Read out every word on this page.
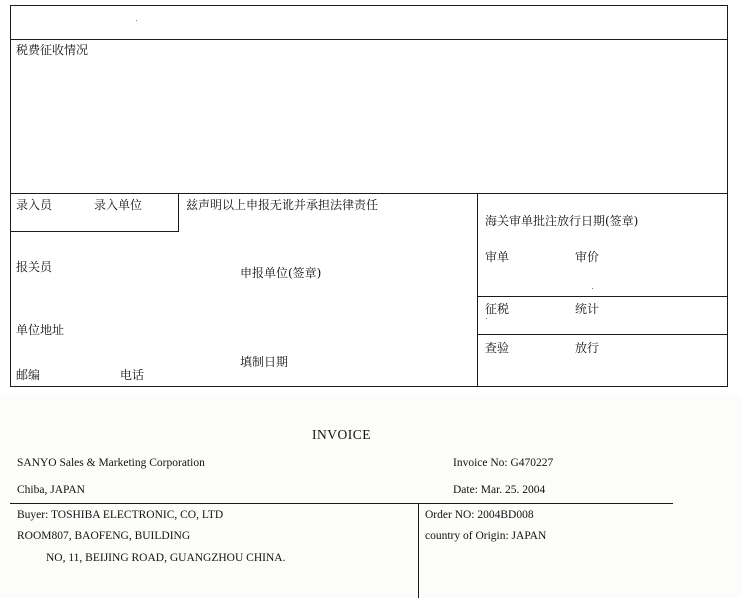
税费征收情况
录入员	录入单位	兹声明以上申报无讹并承担法律责任
海关审单批注放行日期(签章)
报关员
审单	审价
申报单位(签章)
征税	统计
单位地址
查验	放行
填制日期
邮编	电话
INVOICE
SANYO Sales & Marketing Corporation	Invoice No: G470227
Chiba, JAPAN	Date: Mar. 25. 2004
Buyer: TOSHIBA ELECTRONIC, CO, LTD
ROOM807, BAOFENG, BUILDING
NO, 11, BEIJING ROAD, GUANGZHOU CHINA.
Order NO: 2004BD008
country of Origin: JAPAN
